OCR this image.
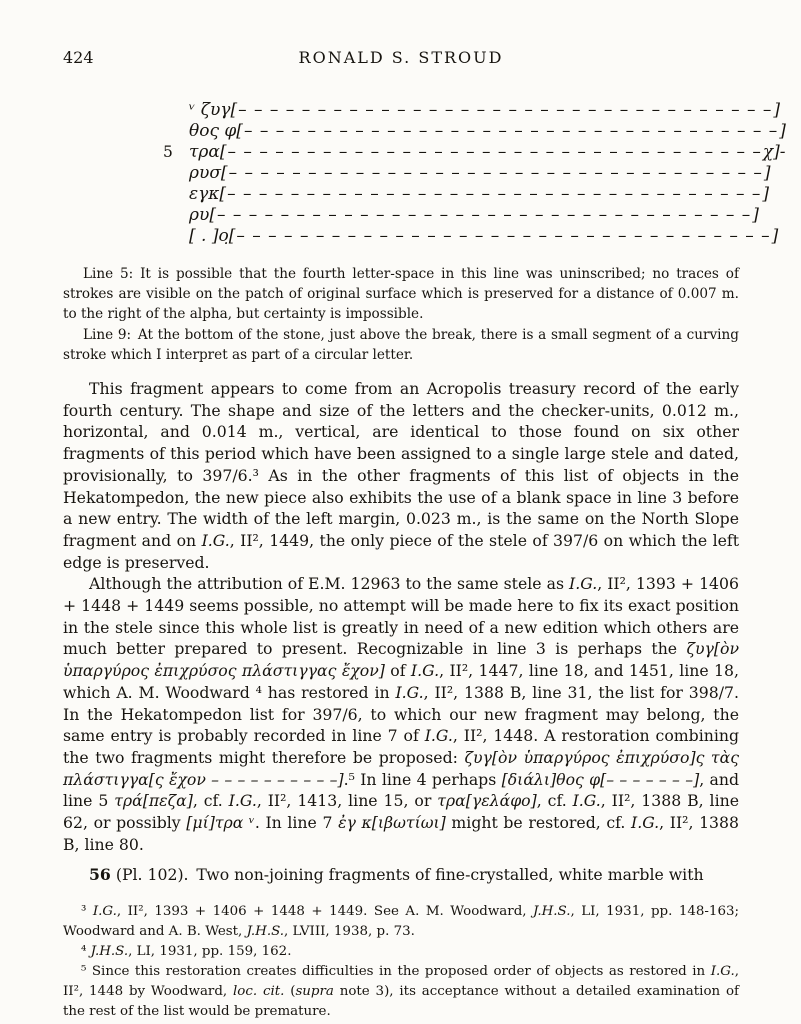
424	RONALD S. STROUD
ᵛ ζυγ[ – – – – – – – – – – – – – – – – – – – – – – – – – – – – – – – – – – ]
θος φ[ – – – – – – – – – – – – – – – – – – – – – – – – – – – – – – – – – – ]
5 τρα[ – – – – – – – – – – – – – – – – – – – – – – – – – – – – – – – – – – χ]-
ρυσ[ – – – – – – – – – – – – – – – – – – – – – – – – – – – – – – – – – – ]
εγκ[ – – – – – – – – – – – – – – – – – – – – – – – – – – – – – – – – – – ]
ρυ[ – – – – – – – – – – – – – – – – – – – – – – – – – – – – – – – – – – ]
[ . ]ο̣[ – – – – – – – – – – – – – – – – – – – – – – – – – – – – – – – – – – ]

Line 5: It is possible that the fourth letter-space in this line was uninscribed; no traces of strokes are visible on the patch of original surface which is preserved for a distance of 0.007 m. to the right of the alpha, but certainty is impossible.

Line 9: At the bottom of the stone, just above the break, there is a small segment of a curving stroke which I interpret as part of a circular letter.

This fragment appears to come from an Acropolis treasury record of the early fourth century. The shape and size of the letters and the checker-units, 0.012 m., horizontal, and 0.014 m., vertical, are identical to those found on six other fragments of this period which have been assigned to a single large stele and dated, provisionally, to 397/6.³ As in the other fragments of this list of objects in the Hekatompedon, the new piece also exhibits the use of a blank space in line 3 before a new entry. The width of the left margin, 0.023 m., is the same on the North Slope fragment and on I.G., II², 1449, the only piece of the stele of 397/6 on which the left edge is preserved.

Although the attribution of E.M. 12963 to the same stele as I.G., II², 1393 + 1406 + 1448 + 1449 seems possible, no attempt will be made here to fix its exact position in the stele since this whole list is greatly in need of a new edition which others are much better prepared to present. Recognizable in line 3 is perhaps the ζυγ[ὸν ὑπαργύρος ἐπιχρύσος πλάστιγγας ἔχον] of I.G., II², 1447, line 18, and 1451, line 18, which A. M. Woodward ⁴ has restored in I.G., II², 1388 B, line 31, the list for 398/7. In the Hekatompedon list for 397/6, to which our new fragment may belong, the same entry is probably recorded in line 7 of I.G., II², 1448. A restoration combining the two fragments might therefore be proposed: ζυγ[ὸν ὑπαργύρος ἐπιχρύσο]ς τὰς πλάστιγγα[ς ἔχον – – – – – – – – – –].⁵ In line 4 perhaps [διάλι]θος φ[– – – – – – –], and line 5 τρά[πεζα], cf. I.G., II², 1413, line 15, or τρα[γελάφο], cf. I.G., II², 1388 B, line 62, or possibly [μί]τρα ᵛ. In line 7 ἐγ κ[ιβωτίωι] might be restored, cf. I.G., II², 1388 B, line 80.

56 (Pl. 102). Two non-joining fragments of fine-crystalled, white marble with

³ I.G., II², 1393 + 1406 + 1448 + 1449. See A. M. Woodward, J.H.S., LI, 1931, pp. 148-163; Woodward and A. B. West, J.H.S., LVIII, 1938, p. 73.

⁴ J.H.S., LI, 1931, pp. 159, 162.

⁵ Since this restoration creates difficulties in the proposed order of objects as restored in I.G., II², 1448 by Woodward, loc. cit. (supra note 3), its acceptance without a detailed examination of the rest of the list would be premature.
